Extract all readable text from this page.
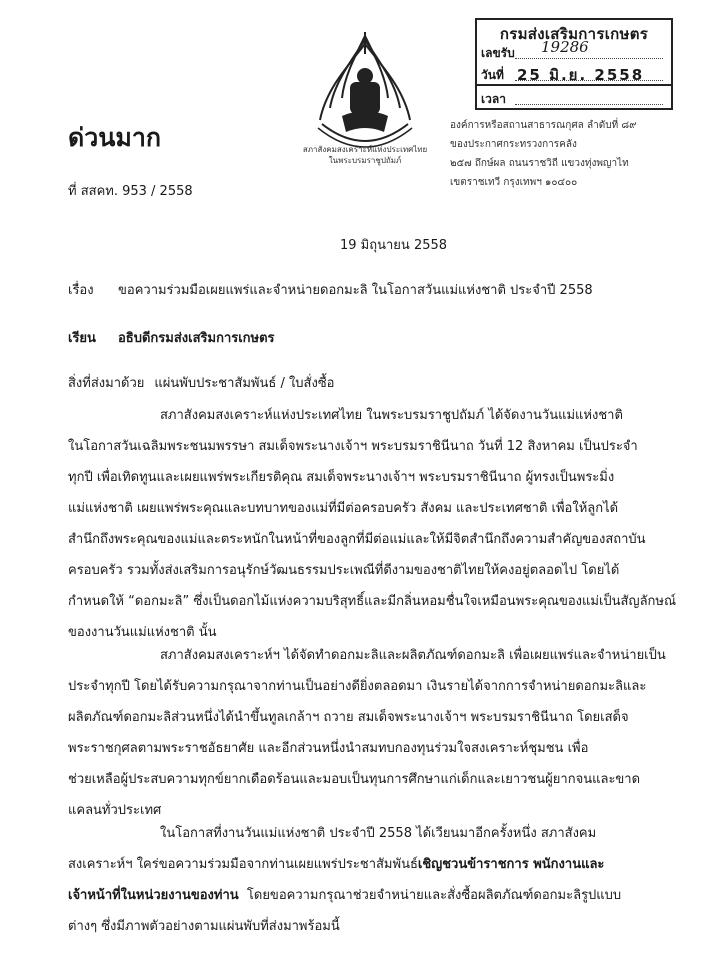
กรมส่งเสริมการเกษตร
เลขรับ 19286
วันที่ 25 มิ.ย. 2558
เวลา
สภาสังคมสงเคราะห์แห่งประเทศไทย
ในพระบรมราชูปถัมภ์
ด่วนมาก
ที่ สสคท. 953 / 2558
องค์การหรือสถานสาธารณกุศล ลำดับที่ ๘๙
ของประกาศกระทรวงการคลัง
๒๕๗ ถึกษ์ผล ถนนราชวิถี แขวงทุ่งพญาไท
เขตราชเทวี กรุงเทพฯ ๑๐๔๐๐
19 มิถุนายน 2558
เรื่อง ขอความร่วมมือเผยแพร่และจำหน่ายดอกมะลิ ในโอกาสวันแม่แห่งชาติ ประจำปี 2558
เรียน อธิบดีกรมส่งเสริมการเกษตร
สิ่งที่ส่งมาด้วย แผ่นพับประชาสัมพันธ์ / ใบสั่งซื้อ
สภาสังคมสงเคราะห์แห่งประเทศไทย ในพระบรมราชูปถัมภ์ ได้จัดงานวันแม่แห่งชาติ
ในโอกาสวันเฉลิมพระชนมพรรษา สมเด็จพระนางเจ้าฯ พระบรมราชินีนาถ วันที่ 12 สิงหาคม เป็นประจำ
ทุกปี เพื่อเทิดทูนและเผยแพร่พระเกียรติคุณ สมเด็จพระนางเจ้าฯ พระบรมราชินีนาถ ผู้ทรงเป็นพระมิ่ง
แม่แห่งชาติ เผยแพร่พระคุณและบทบาทของแม่ที่มีต่อครอบครัว สังคม และประเทศชาติ เพื่อให้ลูกได้
สำนึกถึงพระคุณของแม่และตระหนักในหน้าที่ของลูกที่มีต่อแม่และให้มีจิตสำนึกถึงความสำคัญของสถาบัน
ครอบครัว รวมทั้งส่งเสริมการอนุรักษ์วัฒนธรรมประเพณีที่ดีงามของชาติไทยให้คงอยู่ตลอดไป โดยได้
กำหนดให้ “ดอกมะลิ” ซึ่งเป็นดอกไม้แห่งความบริสุทธิ์และมีกลิ่นหอมชื่นใจเหมือนพระคุณของแม่เป็นสัญลักษณ์
ของงานวันแม่แห่งชาติ นั้น
สภาสังคมสงเคราะห์ฯ ได้จัดทำดอกมะลิและผลิตภัณฑ์ดอกมะลิ เพื่อเผยแพร่และจำหน่ายเป็น
ประจำทุกปี โดยได้รับความกรุณาจากท่านเป็นอย่างดียิ่งตลอดมา เงินรายได้จากการจำหน่ายดอกมะลิและ
ผลิตภัณฑ์ดอกมะลิส่วนหนึ่งได้นำขึ้นทูลเกล้าฯ ถวาย สมเด็จพระนางเจ้าฯ พระบรมราชินีนาถ โดยเสด็จ
พระราชกุศลตามพระราชอัธยาศัย และอีกส่วนหนึ่งนำสมทบกองทุนร่วมใจสงเคราะห์ชุมชน เพื่อ
ช่วยเหลือผู้ประสบความทุกข์ยากเดือดร้อนและมอบเป็นทุนการศึกษาแก่เด็กและเยาวชนผู้ยากจนและขาด
แคลนทั่วประเทศ
ในโอกาสที่งานวันแม่แห่งชาติ ประจำปี 2558 ได้เวียนมาอีกครั้งหนึ่ง สภาสังคม
สงเคราะห์ฯ ใคร่ขอความร่วมมือจากท่านเผยแพร่ประชาสัมพันธ์เชิญชวนข้าราชการ พนักงานและ
เจ้าหน้าที่ในหน่วยงานของท่าน โดยขอความกรุณาช่วยจำหน่ายและสั่งซื้อผลิตภัณฑ์ดอกมะลิรูปแบบ
ต่างๆ ซึ่งมีภาพตัวอย่างตามแผ่นพับที่ส่งมาพร้อมนี้
